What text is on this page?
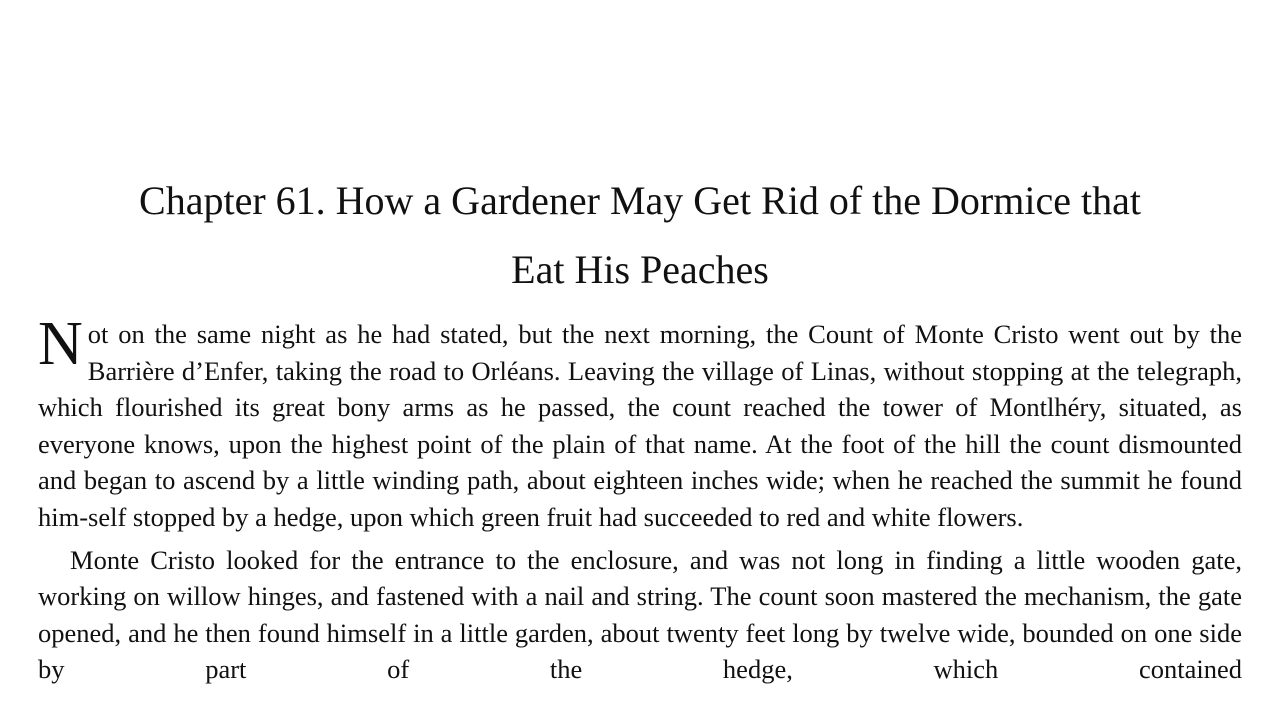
Chapter 61. How a Gardener May Get Rid of the Dormice that
Eat His Peaches

N ot on the same night as he had stated, but the next morning, the Count of Monte Cristo went out by the Barrière d’Enfer, taking the road to Orléans. Leaving the village of Linas, without stopping at the telegraph, which flourished its great bony arms as he passed, the count reached the tower of Montlhéry, situated, as everyone knows, upon the highest point of the plain of that name. At the foot of the hill the count dismounted and began to ascend by a little winding path, about eighteen inches wide; when he reached the summit he found him-self stopped by a hedge, upon which green fruit had succeeded to red and white flowers.

Monte Cristo looked for the entrance to the enclosure, and was not long in finding a little wooden gate, working on willow hinges, and fastened with a nail and string. The count soon mastered the mechanism, the gate opened, and he then found himself in a little garden, about twenty feet long by twelve wide, bounded on one side by part of the hedge, which contained
